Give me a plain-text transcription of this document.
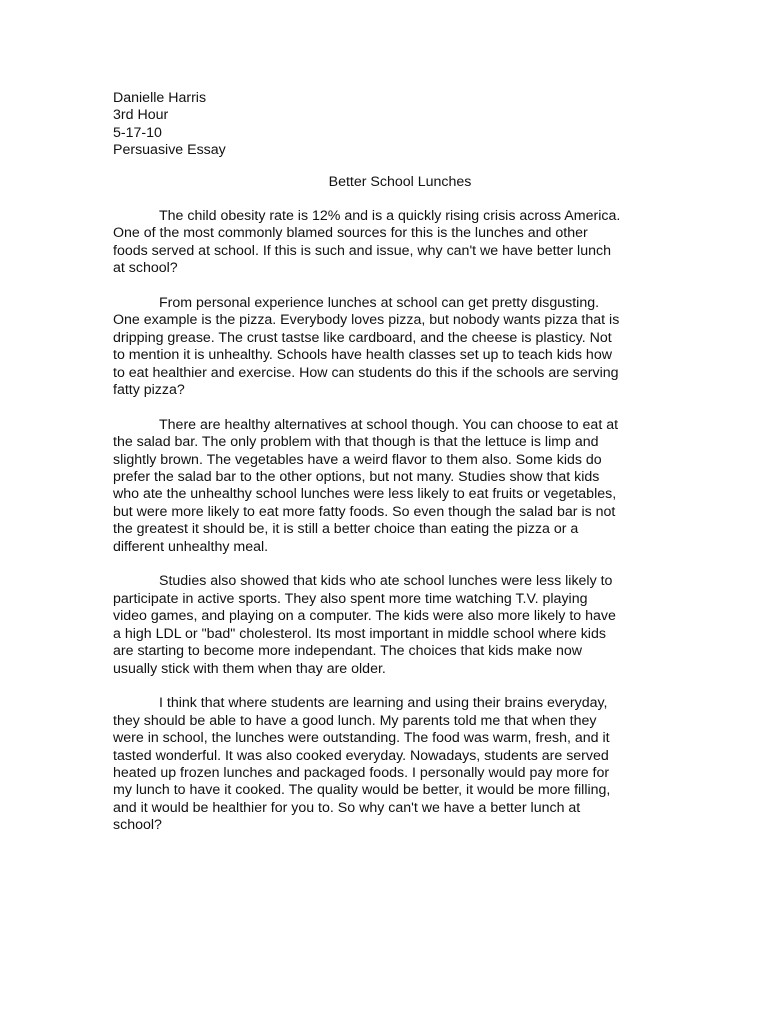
Danielle Harris
3rd Hour
5-17-10
Persuasive Essay
Better School Lunches

The child obesity rate is 12% and is a quickly rising crisis across America.
One of the most commonly blamed sources for this is the lunches and other
foods served at school. If this is such and issue, why can't we have better lunch
at school?

From personal experience lunches at school can get pretty disgusting.
One example is the pizza. Everybody loves pizza, but nobody wants pizza that is
dripping grease. The crust tastse like cardboard, and the cheese is plasticy. Not
to mention it is unhealthy. Schools have health classes set up to teach kids how
to eat healthier and exercise. How can students do this if the schools are serving
fatty pizza?

There are healthy alternatives at school though. You can choose to eat at
the salad bar. The only problem with that though is that the lettuce is limp and
slightly brown. The vegetables have a weird flavor to them also. Some kids do
prefer the salad bar to the other options, but not many. Studies show that kids
who ate the unhealthy school lunches were less likely to eat fruits or vegetables,
but were more likely to eat more fatty foods. So even though the salad bar is not
the greatest it should be, it is still a better choice than eating the pizza or a
different unhealthy meal.

Studies also showed that kids who ate school lunches were less likely to
participate in active sports. They also spent more time watching T.V. playing
video games, and playing on a computer. The kids were also more likely to have
a high LDL or "bad" cholesterol. Its most important in middle school where kids
are starting to become more independant. The choices that kids make now
usually stick with them when thay are older.

I think that where students are learning and using their brains everyday,
they should be able to have a good lunch. My parents told me that when they
were in school, the lunches were outstanding. The food was warm, fresh, and it
tasted wonderful. It was also cooked everyday. Nowadays, students are served
heated up frozen lunches and packaged foods. I personally would pay more for
my lunch to have it cooked. The quality would be better, it would be more filling,
and it would be healthier for you to. So why can't we have a better lunch at
school?
